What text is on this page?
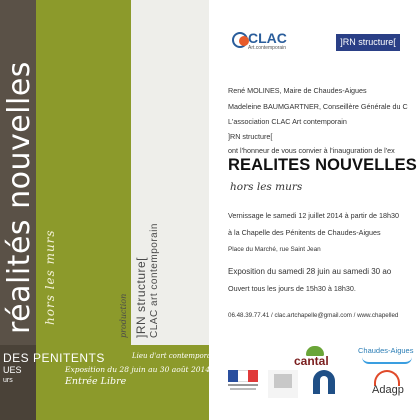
réalités nouvelles hors les murs	production ]RN structure[ CLAC art contemporain
DES PENITENTS	Lieu d'art contemporain
UES
urs
Exposition du 28 juin au 30 août 2014
Entrée Libre
CLAC
Art.contemporain
]RN structure[
René MOLINES, Maire de Chaudes-Aigues
Madeleine BAUMGARTNER, Conseillère Générale du C
L'association CLAC Art contemporain
]RN structure[
ont l'honneur de vous convier à l'inauguration de l'ex
REALITES NOUVELLES
hors les murs
Vernissage le samedi 12 juillet 2014 à partir de 18h30
à la Chapelle des Pénitents de Chaudes-Aigues
Place du Marché, rue Saint Jean
Exposition du samedi 28 juin au samedi 30 ao
Ouvert tous les jours de 15h30 à 18h30.
06.48.39.77.41 / clac.artchapelle@gmail.com / www.chapelled
cantal
Chaudes-Aigues
Adagp
